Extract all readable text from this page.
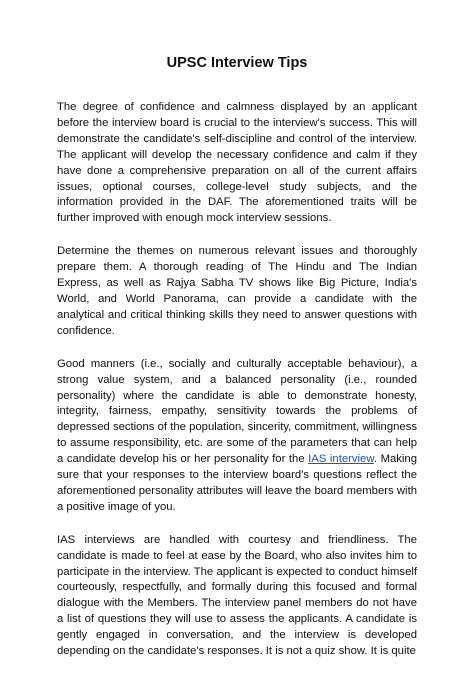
UPSC Interview Tips

The degree of confidence and calmness displayed by an applicant before the interview board is crucial to the interview's success. This will demonstrate the candidate's self-discipline and control of the interview. The applicant will develop the necessary confidence and calm if they have done a comprehensive preparation on all of the current affairs issues, optional courses, college-level study subjects, and the information provided in the DAF. The aforementioned traits will be further improved with enough mock interview sessions.

Determine the themes on numerous relevant issues and thoroughly prepare them. A thorough reading of The Hindu and The Indian Express, as well as Rajya Sabha TV shows like Big Picture, India's World, and World Panorama, can provide a candidate with the analytical and critical thinking skills they need to answer questions with confidence.

Good manners (i.e., socially and culturally acceptable behaviour), a strong value system, and a balanced personality (i.e., rounded personality) where the candidate is able to demonstrate honesty, integrity, fairness, empathy, sensitivity towards the problems of depressed sections of the population, sincerity, commitment, willingness to assume responsibility, etc. are some of the parameters that can help a candidate develop his or her personality for the IAS interview. Making sure that your responses to the interview board's questions reflect the aforementioned personality attributes will leave the board members with a positive image of you.

IAS interviews are handled with courtesy and friendliness. The candidate is made to feel at ease by the Board, who also invites him to participate in the interview. The applicant is expected to conduct himself courteously, respectfully, and formally during this focused and formal dialogue with the Members. The interview panel members do not have a list of questions they will use to assess the applicants. A candidate is gently engaged in conversation, and the interview is developed depending on the candidate's responses. It is not a quiz show. It is quite
